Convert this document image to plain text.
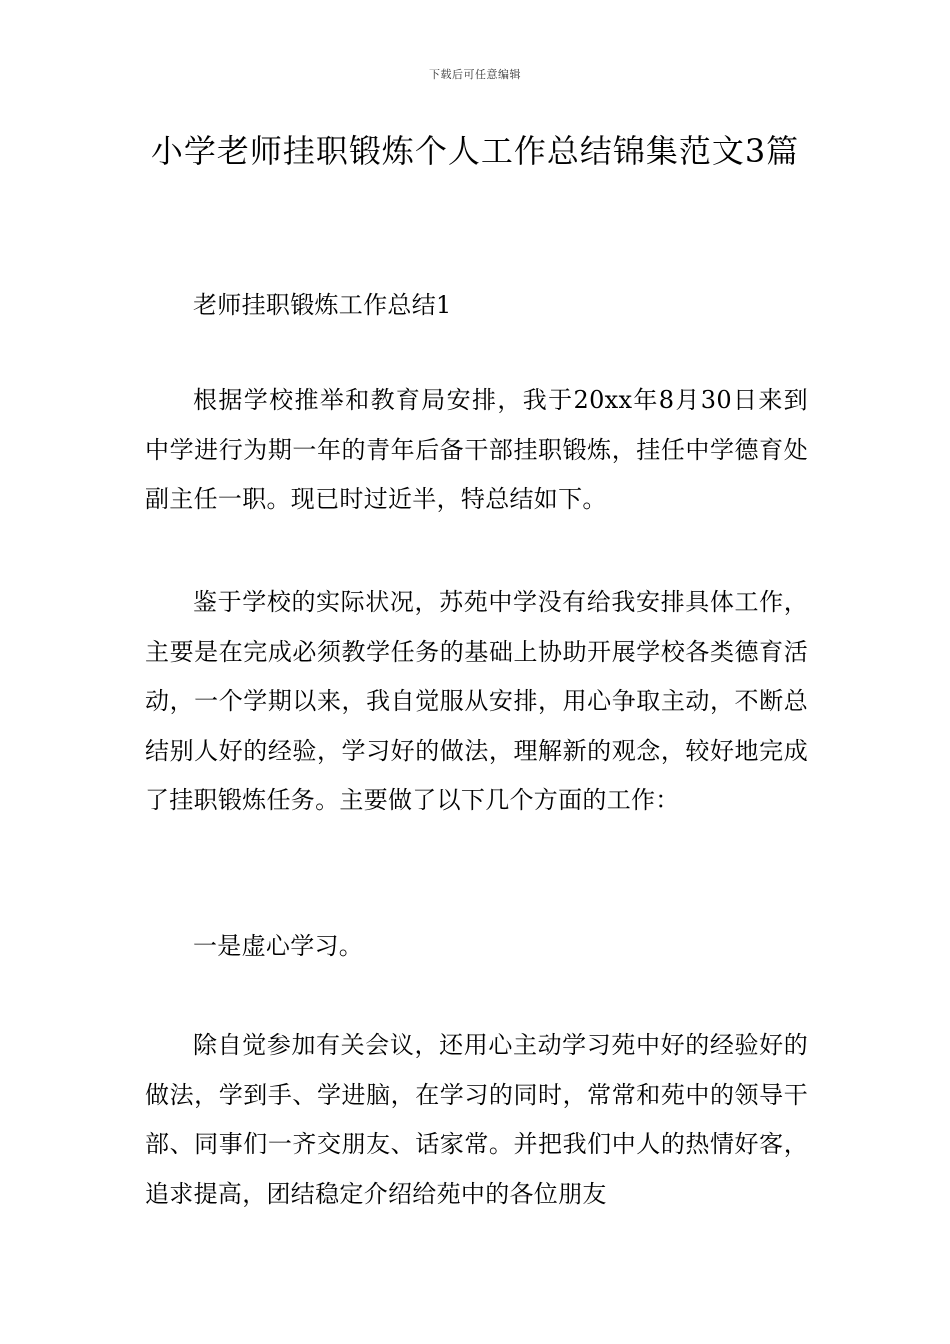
下载后可任意编辑
小学老师挂职锻炼个人工作总结锦集范文3篇

老师挂职锻炼工作总结1

根据学校推举和教育局安排，我于20xx年8月30日来到中学进行为期一年的青年后备干部挂职锻炼，挂任中学德育处副主任一职。现已时过近半，特总结如下。

鉴于学校的实际状况，苏苑中学没有给我安排具体工作，主要是在完成必须教学任务的基础上协助开展学校各类德育活动，一个学期以来，我自觉服从安排，用心争取主动，不断总结别人好的经验，学习好的做法，理解新的观念，较好地完成了挂职锻炼任务。主要做了以下几个方面的工作：

一是虚心学习。

除自觉参加有关会议，还用心主动学习苑中好的经验好的做法，学到手、学进脑，在学习的同时，常常和苑中的领导干部、同事们一齐交朋友、话家常。并把我们中人的热情好客，追求提高，团结稳定介绍给苑中的各位朋友
